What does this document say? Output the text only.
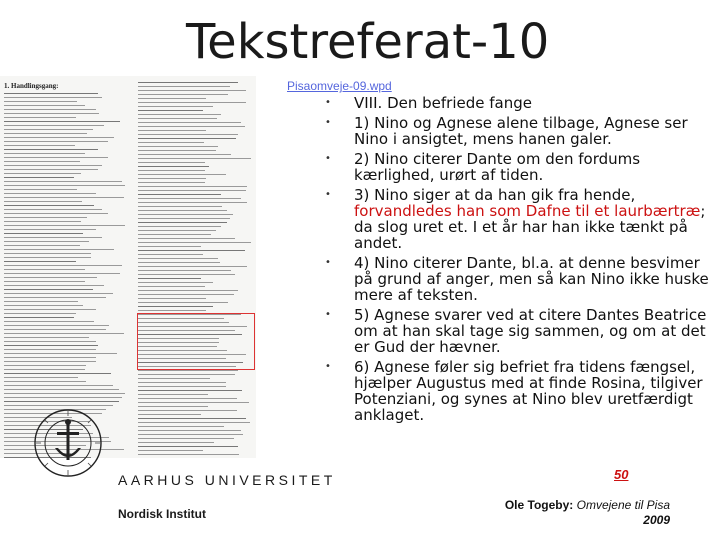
Tekstreferat-10
Pisaomveje-09.wpd
1. Handlingsgang:
• VIII. Den befriede fange
• 1) Nino og Agnese alene tilbage, Agnese ser Nino i ansigtet, mens hanen galer.
• 2) Nino citerer Dante om den fordums kærlighed, urørt af tiden.
• 3) Nino siger at da han gik fra hende, forvandledes han som Dafne til et laurbærtræ; da slog uret et. I et år har han ikke tænkt på andet.
• 4) Nino citerer Dante, bl.a. at denne besvimer på grund af anger, men så kan Nino ikke huske mere af teksten.
• 5) Agnese svarer ved at citere Dantes Beatrice om at han skal tage sig sammen, og om at det er Gud der hævner.
• 6) Agnese føler sig befriet fra tidens fængsel, hjælper Augustus med at finde Rosina, tilgiver Potenziani, og synes at Nino blev uretfærdigt anklaget.
AARHUS UNIVERSITET
Nordisk Institut
50
Ole Togeby: Omvejene til Pisa
2009
